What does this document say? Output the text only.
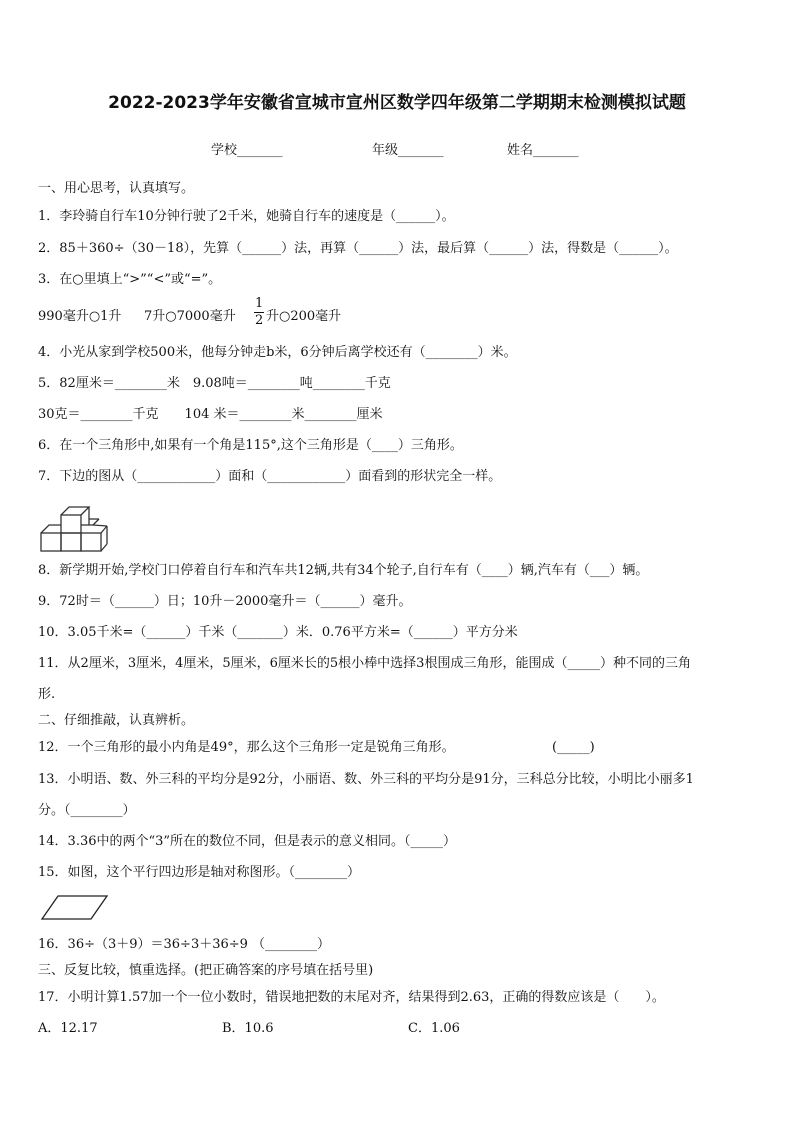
2022-2023学年安徽省宣城市宣州区数学四年级第二学期期末检测模拟试题
学校_______	年级_______	姓名_______
一、用心思考，认真填写。
1．李玲骑自行车10分钟行驶了2千米，她骑自行车的速度是（______）。
2．85＋360÷（30－18），先算（______）法，再算（______）法，最后算（______）法，得数是（______）。
3．在○里填上“>”“<”或“=”。
990毫升○1升 7升○7000毫升 $\frac{1}{2}$ 升○200毫升
4．小光从家到学校500米，他每分钟走b米，6分钟后离学校还有（________）米。
5．82厘米＝________米　9.08吨＝________吨________千克
30克＝________千克　　104 米＝________米________厘米
6．在一个三角形中,如果有一个角是115°,这个三角形是（____）三角形。
7．下边的图从（____________）面和（____________）面看到的形状完全一样。
8．新学期开始,学校门口停着自行车和汽车共12辆,共有34个轮子,自行车有（____）辆,汽车有（___）辆。
9．72时＝（______）日；10升－2000毫升＝（______）毫升。
10．3.05千米=（______）千米（_______）米．0.76平方米=（______）平方分米
11．从2厘米，3厘米，4厘米，5厘米，6厘米长的5根小棒中选择3根围成三角形，能围成（_____）种不同的三角
形.
二、仔细推敲，认真辨析。
12．一个三角形的最小内角是49°，那么这个三角形一定是锐角三角形。	(_____)
13．小明语、数、外三科的平均分是92分，小丽语、数、外三科的平均分是91分，三科总分比较，小明比小丽多1
分。（________）
14．3.36中的两个“3”所在的数位不同，但是表示的意义相同。（_____）
15．如图，这个平行四边形是轴对称图形。（________）
16．36÷（3＋9）＝36÷3＋36÷9 （________）
三、反复比较，慎重选择。(把正确答案的序号填在括号里)
17．小明计算1.57加一个一位小数时，错误地把数的末尾对齐，结果得到2.63，正确的得数应该是（　　）。
A．12.17	B．10.6	C．1.06
